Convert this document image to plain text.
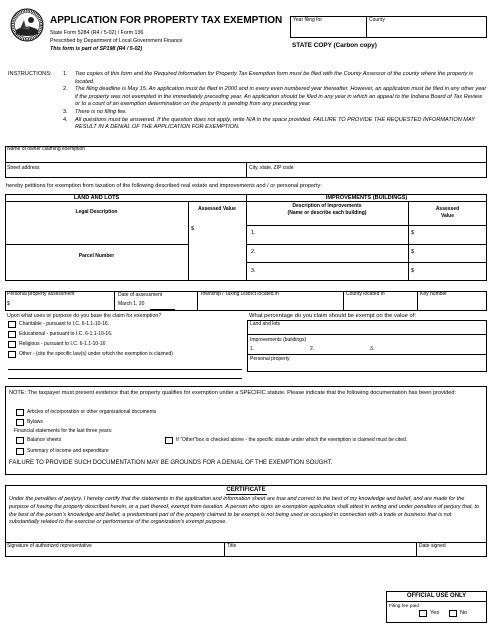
APPLICATION FOR PROPERTY TAX EXEMPTION
State Form 5284 (R4 / 5-02) / Form 136
Prescribed by Department of Local Government Finance
This form is part of SP198 (R4 / 5-02)
Year filing for	County
STATE COPY (Carbon copy)
INSTRUCTIONS: 1.	Two copies of this form and the Required Information for Property Tax Exemption form must be filed with the County Assessor of the county where the property is located.
2.	The filing deadline is May 15. An application must be filed in 2000 and in every even numbered year thereafter. However, an application must be filed in any other year if the property was not exempted in the immediately preceding year. An application should be filed in any year in which an appeal to the Indiana Board of Tax Review or to a court of an exemption determination on the property is pending from any preceding year.
3.	There is no filing fee.
4.	All questions must be answered. If the question does not apply, write N/A in the space provided. FAILURE TO PROVIDE THE REQUESTED INFORMATION MAY RESULT IN A DENIAL OF THE APPLICATION FOR EXEMPTION.
Name of owner claiming exemption
Street address	City, state, ZIP code
hereby petitions for exemption from taxation of the following described real estate and improvements and / or personal property:
LAND AND LOTS	IMPROVEMENTS (BUILDINGS)
Legal Description	Assessed Value
$
Parcel Number
Description of Improvements
(Name or describe each building)
Assessed Value
1.	$
2.	$
3.	$
Personal property assessment
$
Date of assessment
March 1, 20
Township / Taxing District located in	County located in	Key number
Upon what uses or purpose do you base the claim for exemption?
Charitable - pursuant to I.C. 6-1.1-10-16.
Educational - pursuant to I.C. 6-1.1-10-16.
Religious - pursuant to I.C. 6-1.1-10-16
Other - (cite the specific law(s) under which the exemption is claimed)
What percentage do you claim should be exempt on the value of:
Land and lots
Improvements (buildings)
1.	2.	3.
Personal property
NOTE: The taxpayer must present evidence that the property qualifies for exemption under a SPECIFIC statute. Please indicate that the following documentation has been provided:
Articles of incorporation or other organizational documents
Bylaws
Financial statements for the last three years:
Balance sheets	If “Other”box is checked above - the specific statute under which the exemption is claimed must be cited.
Summary of income and expenditure
FAILURE TO PROVIDE SUCH DOCUMENTATION MAY BE GROUNDS FOR A DENIAL OF THE EXEMPTION SOUGHT.
CERTIFICATE
Under the penalties of perjury, I hereby certify that the statements in the application and information sheet are true and correct to the best of my knowledge and belief, and are made for the purpose of having the property described herein, or a part thereof, exempt from taxation. A person who signs an exemption application shall attest in writing and under penalties of perjury that, to the best of the person’s knowledge and belief, a predominant part of the property claimed to be exempt is not being used or occupied in connection with a trade or business that is not substantially related to the exercise or performance of the organization’s exempt purpose.
Signature of authorized representative	Title	Date signed
OFFICIAL USE ONLY
Filing fee paid
Yes	No
